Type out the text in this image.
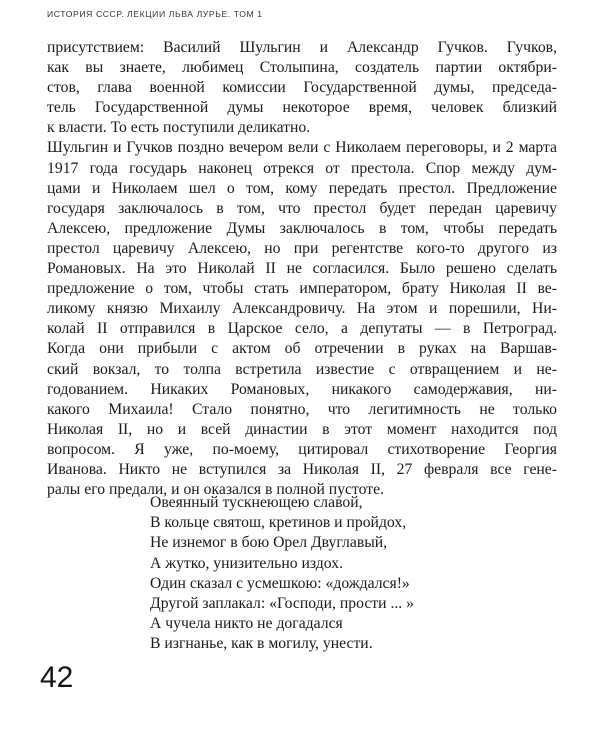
ИСТОРИЯ СССР. ЛЕКЦИИ ЛЬВА ЛУРЬЕ. ТОМ 1
присутствием: Василий Шульгин и Александр Гучков. Гучков,
как вы знаете, любимец Столыпина, создатель партии октябри-
стов, глава военной комиссии Государственной думы, председа-
тель Государственной думы некоторое время, человек близкий
к власти. То есть поступили деликатно.
Шульгин и Гучков поздно вечером вели с Николаем переговоры, и 2 марта
1917 года государь наконец отрекся от престола. Спор между дум-
цами и Николаем шел о том, кому передать престол. Предложение
государя заключалось в том, что престол будет передан царевичу
Алексею, предложение Думы заключалось в том, чтобы передать
престол царевичу Алексею, но при регентстве кого-то другого из
Романовых. На это Николай II не согласился. Было решено сделать
предложение о том, чтобы стать императором, брату Николая II ве-
ликому князю Михаилу Александровичу. На этом и порешили, Ни-
колай II отправился в Царское село, а депутаты — в Петроград.
Когда они прибыли с актом об отречении в руках на Варшав-
ский вокзал, то толпа встретила известие с отвращением и не-
годованием. Никаких Романовых, никакого самодержавия, ни-
какого Михаила! Стало понятно, что легитимность не только
Николая II, но и всей династии в этот момент находится под
вопросом. Я уже, по-моему, цитировал стихотворение Георгия
Иванова. Никто не вступился за Николая II, 27 февраля все гене-
ралы его предали, и он оказался в полной пустоте.
Овеянный тускнеющею славой,
В кольце святош, кретинов и пройдох,
Не изнемог в бою Орел Двуглавый,
А жутко, унизительно издох.
Один сказал с усмешкою: «дождался!»
Другой заплакал: «Господи, прости ... »
А чучела никто не догадался
В изгнанье, как в могилу, унести.
42
